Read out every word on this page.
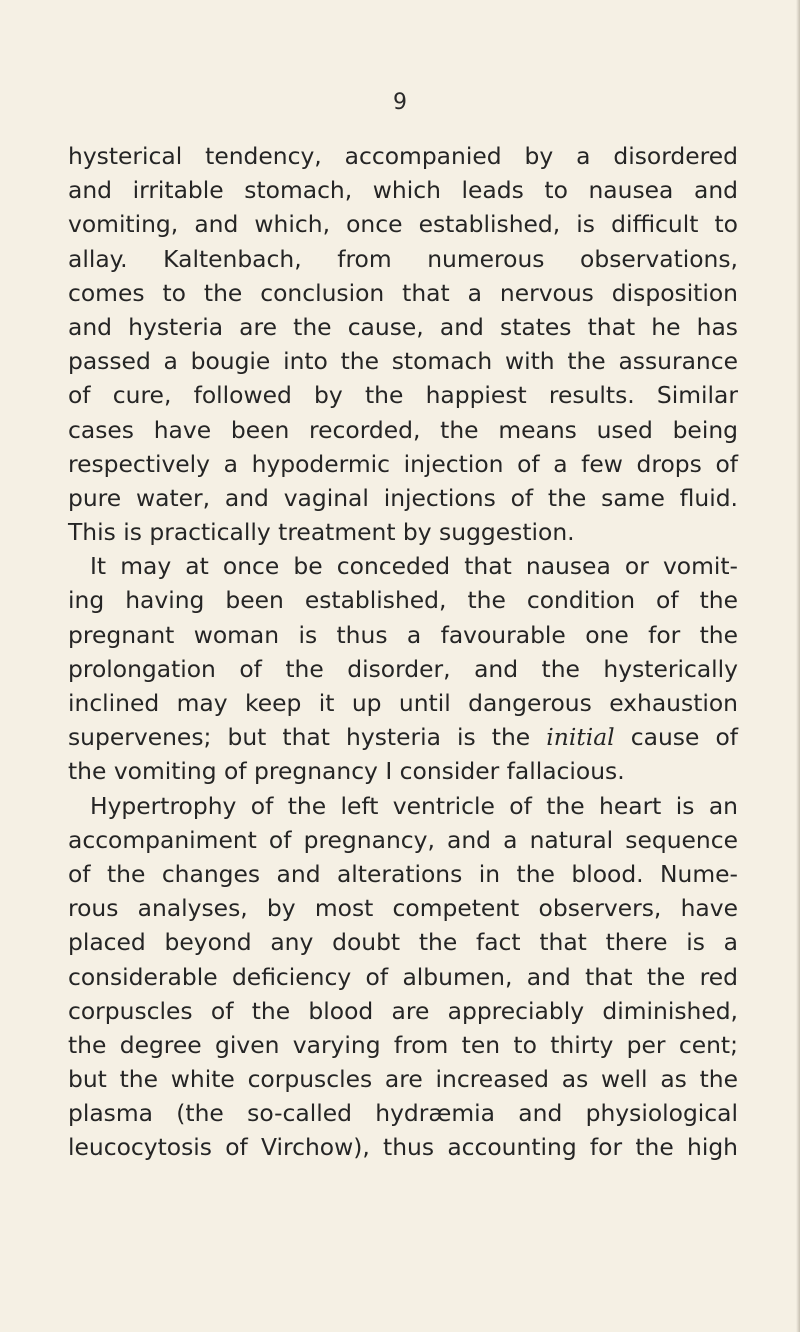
9
hysterical tendency, accompanied by a disordered
and irritable stomach, which leads to nausea and
vomiting, and which, once established, is difficult to
allay. Kaltenbach, from numerous observations,
comes to the conclusion that a nervous disposition
and hysteria are the cause, and states that he has
passed a bougie into the stomach with the assurance
of cure, followed by the happiest results. Similar
cases have been recorded, the means used being
respectively a hypodermic injection of a few drops of
pure water, and vaginal injections of the same fluid.
This is practically treatment by suggestion.
It may at once be conceded that nausea or vomit-
ing having been established, the condition of the
pregnant woman is thus a favourable one for the
prolongation of the disorder, and the hysterically
inclined may keep it up until dangerous exhaustion
supervenes; but that hysteria is the initial cause of
the vomiting of pregnancy I consider fallacious.
Hypertrophy of the left ventricle of the heart is an
accompaniment of pregnancy, and a natural sequence
of the changes and alterations in the blood. Nume-
rous analyses, by most competent observers, have
placed beyond any doubt the fact that there is a
considerable deficiency of albumen, and that the red
corpuscles of the blood are appreciably diminished,
the degree given varying from ten to thirty per cent;
but the white corpuscles are increased as well as the
plasma (the so-called hydræmia and physiological
leucocytosis of Virchow), thus accounting for the high
